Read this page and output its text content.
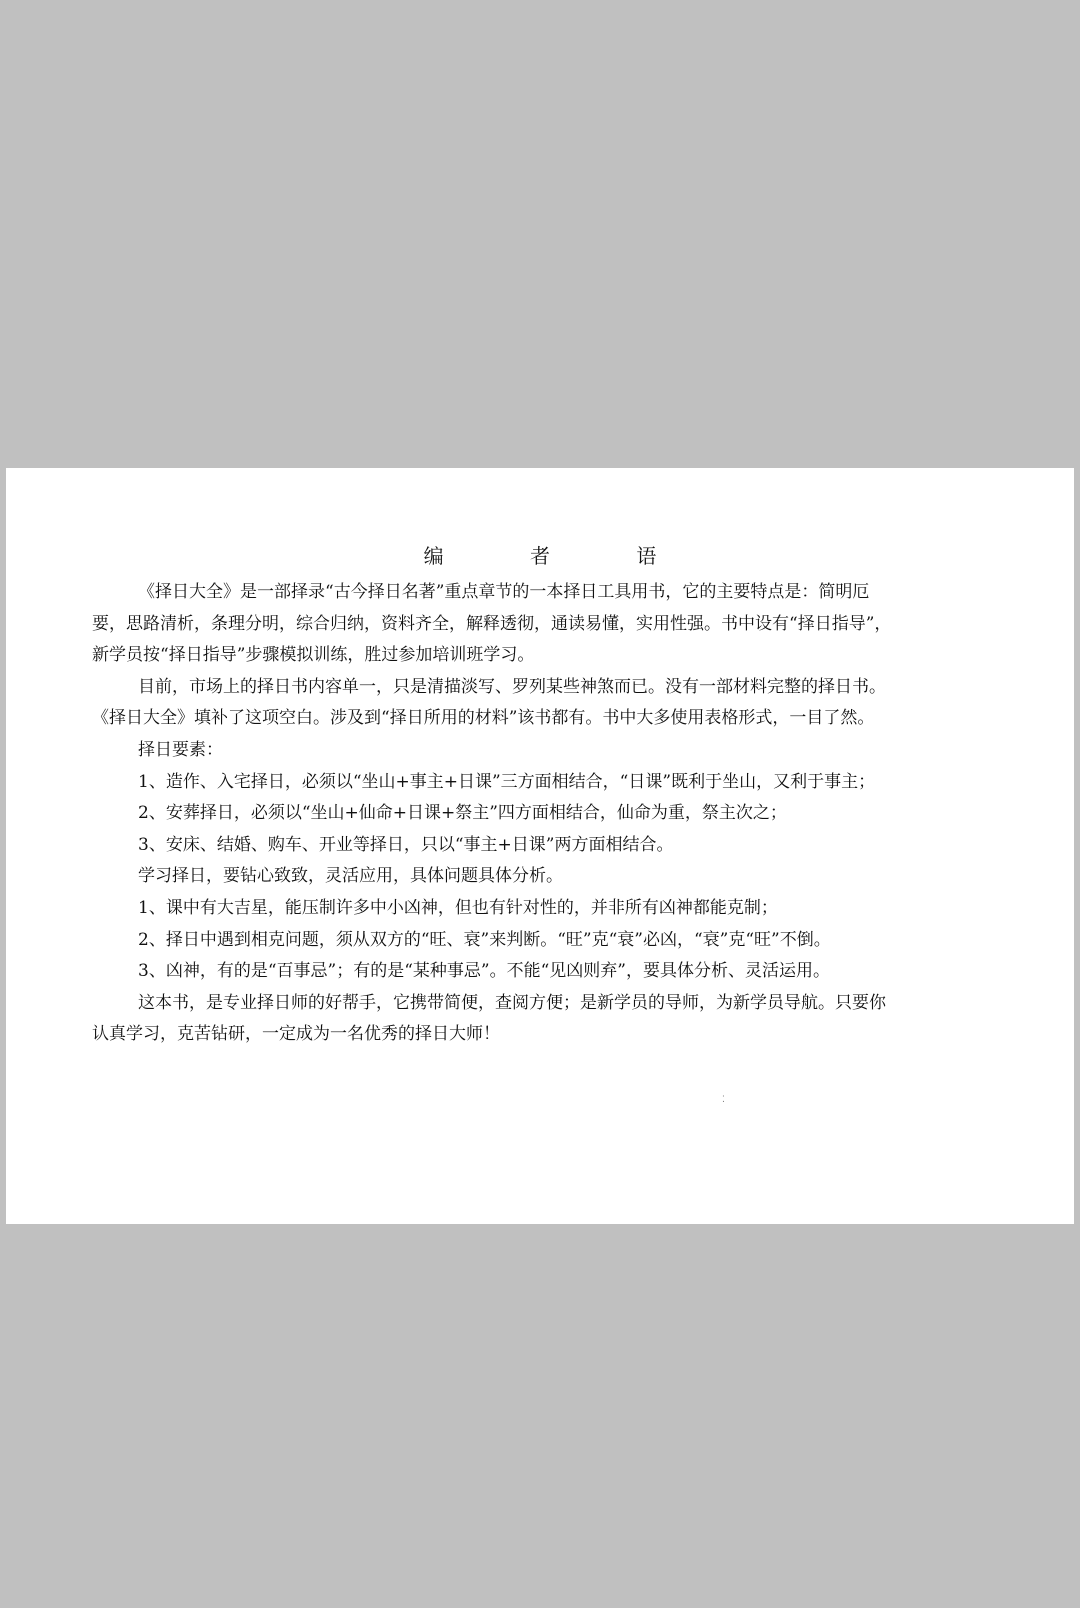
编 者 语
《择日大全》是一部择录“古今择日名著”重点章节的一本择日工具用书，它的主要特点是：简明厄
要，思路清析，条理分明，综合归纳，资料齐全，解释透彻，通读易懂，实用性强。书中设有“择日指导”，
新学员按“择日指导”步骤模拟训练，胜过参加培训班学习。
目前，市场上的择日书内容单一，只是清描淡写、罗列某些神煞而已。没有一部材料完整的择日书。
《择日大全》填补了这项空白。涉及到“择日所用的材料”该书都有。书中大多使用表格形式，一目了然。
择日要素：
1、造作、入宅择日，必须以“坐山+事主+日课”三方面相结合，“日课”既利于坐山，又利于事主；
2、安葬择日，必须以“坐山+仙命+日课+祭主”四方面相结合，仙命为重，祭主次之；
3、安床、结婚、购车、开业等择日，只以“事主+日课”两方面相结合。
学习择日，要钻心致致，灵活应用，具体问题具体分析。
1、课中有大吉星，能压制许多中小凶神，但也有针对性的，并非所有凶神都能克制；
2、择日中遇到相克问题，须从双方的“旺、衰”来判断。“旺”克“衰”必凶，“衰”克“旺”不倒。
3、凶神，有的是“百事忌”；有的是“某种事忌”。不能“见凶则弃”，要具体分析、灵活运用。
这本书，是专业择日师的好帮手，它携带简便，查阅方便；是新学员的导师，为新学员导航。只要你
认真学习，克苦钻研，一定成为一名优秀的择日大师！
⁚
